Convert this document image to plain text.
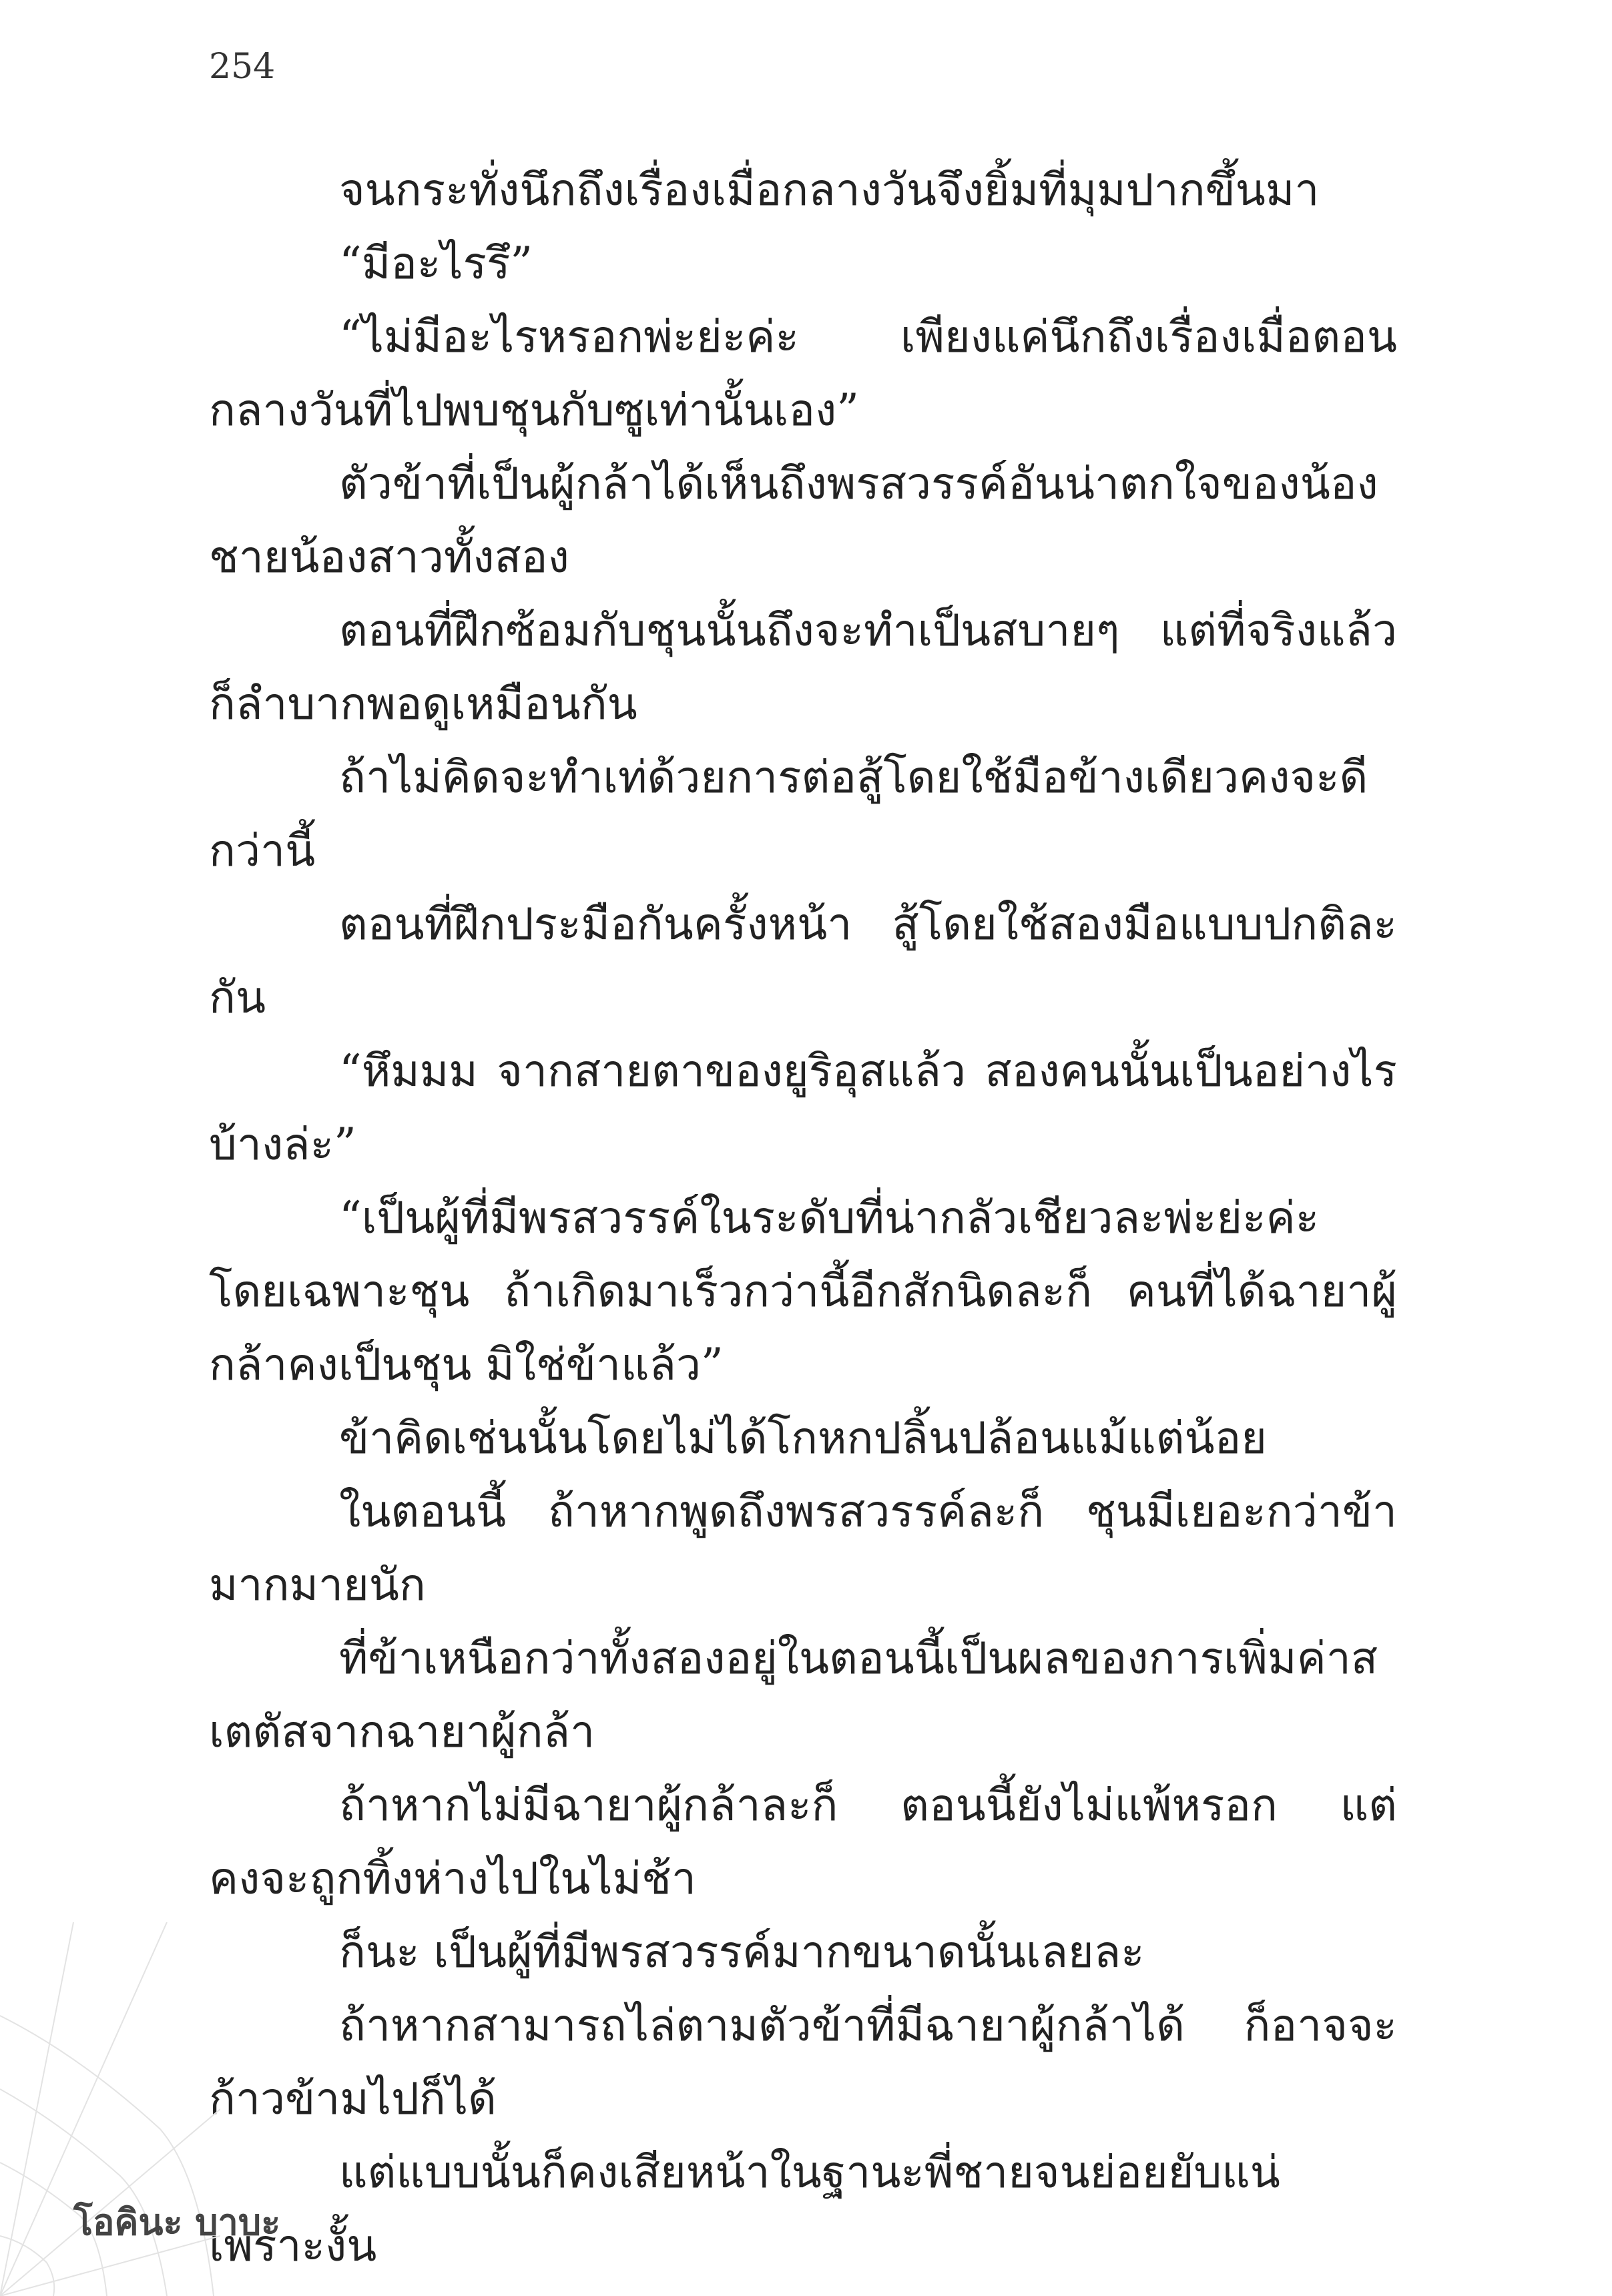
254

จนกระทั่งนึกถึงเรื่องเมื่อกลางวันจึงยิ้มที่มุมปากขึ้นมา

“มีอะไรรึ”

“ไม่มีอะไรหรอกพ่ะย่ะค่ะ เพียงแค่นึกถึงเรื่องเมื่อตอนกลางวันที่ไปพบชุนกับซูเท่านั้นเอง”

ตัวข้าที่เป็นผู้กล้าได้เห็นถึงพรสวรรค์อันน่าตกใจของน้องชายน้องสาวทั้งสอง

ตอนที่ฝึกซ้อมกับชุนนั้นถึงจะทำเป็นสบายๆ แต่ที่จริงแล้วก็ลำบากพอดูเหมือนกัน

ถ้าไม่คิดจะทำเท่ด้วยการต่อสู้โดยใช้มือข้างเดียวคงจะดีกว่านี้

ตอนที่ฝึกประมือกันครั้งหน้า สู้โดยใช้สองมือแบบปกติละกัน

“หึมมม จากสายตาของยูริอุสแล้ว สองคนนั้นเป็นอย่างไรบ้างล่ะ”

“เป็นผู้ที่มีพรสวรรค์ในระดับที่น่ากลัวเชียวละพ่ะย่ะค่ะ โดยเฉพาะชุน ถ้าเกิดมาเร็วกว่านี้อีกสักนิดละก็ คนที่ได้ฉายาผู้กล้าคงเป็นชุน มิใช่ข้าแล้ว”

ข้าคิดเช่นนั้นโดยไม่ได้โกหกปลิ้นปล้อนแม้แต่น้อย

ในตอนนี้ ถ้าหากพูดถึงพรสวรรค์ละก็ ชุนมีเยอะกว่าข้ามากมายนัก

ที่ข้าเหนือกว่าทั้งสองอยู่ในตอนนี้เป็นผลของการเพิ่มค่าสเตตัสจากฉายาผู้กล้า

ถ้าหากไม่มีฉายาผู้กล้าละก็ ตอนนี้ยังไม่แพ้หรอก แต่คงจะถูกทิ้งห่างไปในไม่ช้า

ก็นะ เป็นผู้ที่มีพรสวรรค์มากขนาดนั้นเลยละ

ถ้าหากสามารถไล่ตามตัวข้าที่มีฉายาผู้กล้าได้ ก็อาจจะก้าวข้ามไปก็ได้

แต่แบบนั้นก็คงเสียหน้าในฐานะพี่ชายจนย่อยยับแน่ เพราะงั้น

โอคินะ บาบะ
